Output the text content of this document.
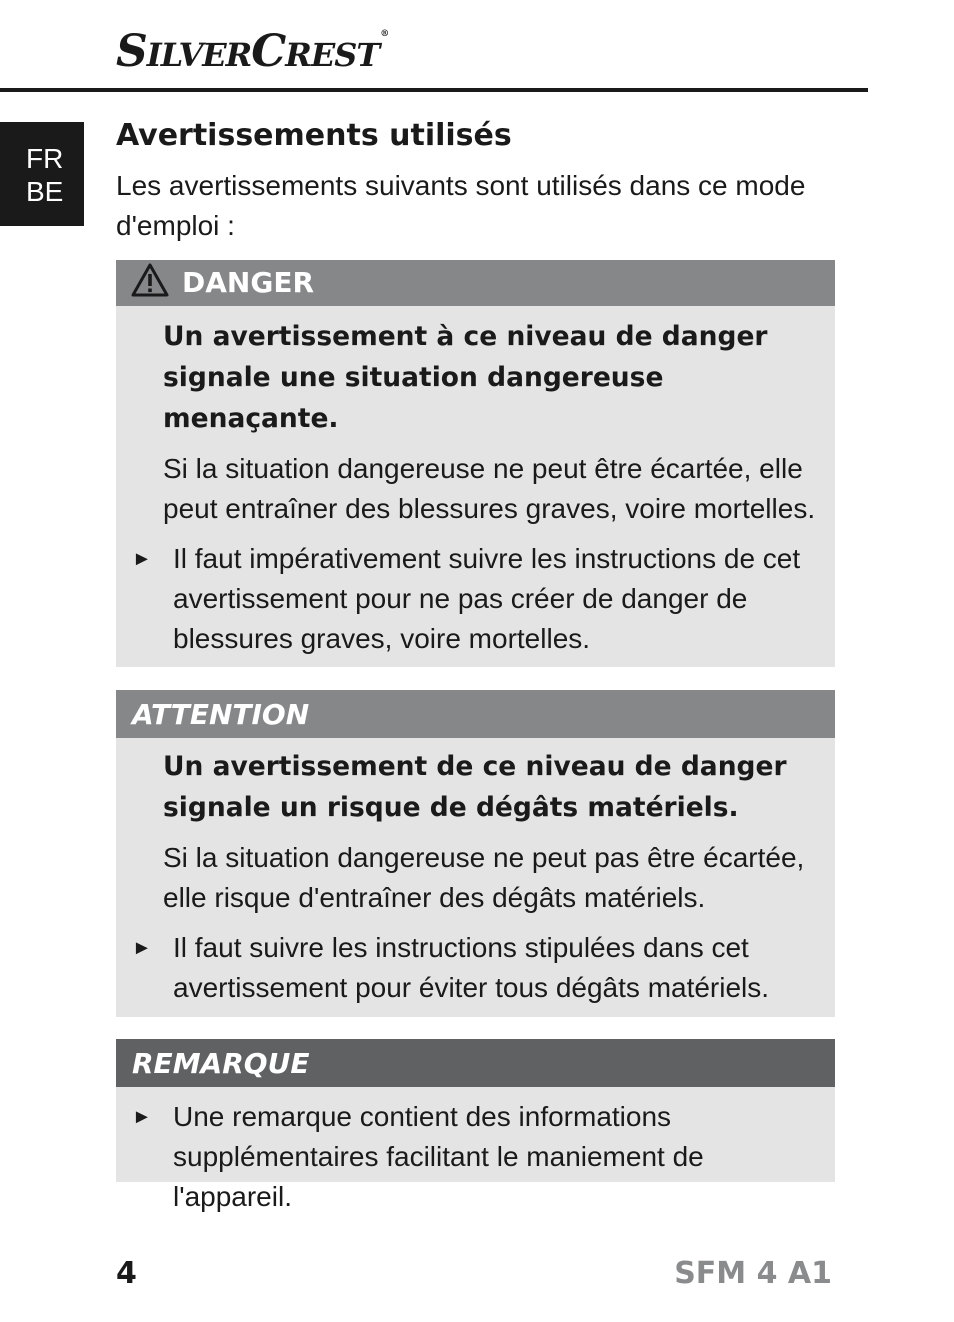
SILVERCREST®
FR
BE
Avertissements utilisés

Les avertissements suivants sont utilisés dans ce mode d'emploi :

DANGER

Un avertissement à ce niveau de danger signale une situation dangereuse menaçante.

Si la situation dangereuse ne peut être écartée, elle peut entraîner des blessures graves, voire mortelles.

► Il faut impérativement suivre les instructions de cet avertissement pour ne pas créer de danger de blessures graves, voire mortelles.

ATTENTION

Un avertissement de ce niveau de danger signale un risque de dégâts matériels.

Si la situation dangereuse ne peut pas être écartée, elle risque d'entraîner des dégâts matériels.

► Il faut suivre les instructions stipulées dans cet avertissement pour éviter tous dégâts matériels.

REMARQUE

► Une remarque contient des informations supplémentaires facilitant le maniement de l'appareil.

4	SFM 4 A1
